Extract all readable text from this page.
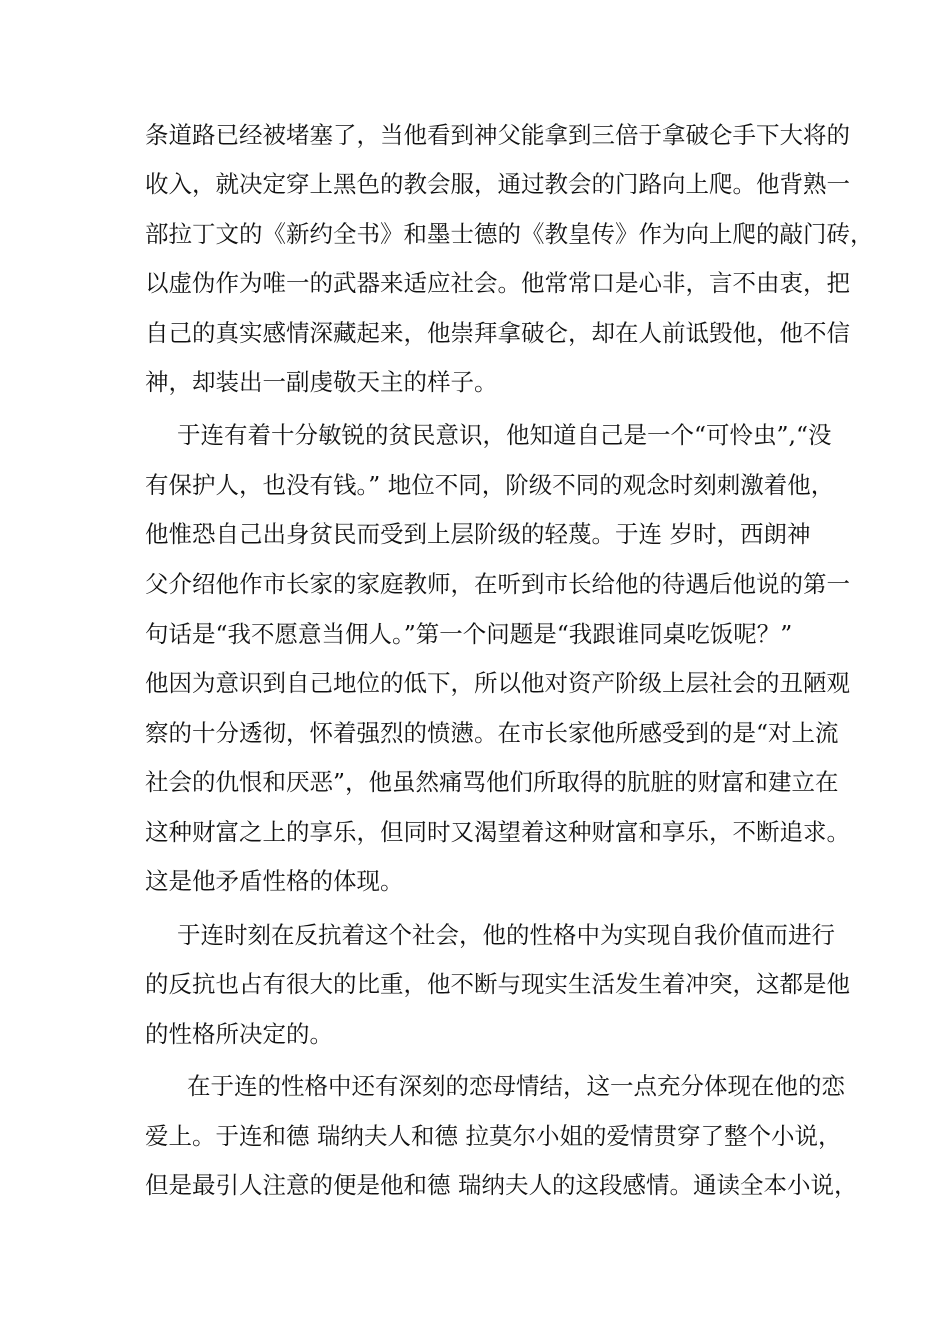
条道路已经被堵塞了，当他看到神父能拿到三倍于拿破仑手下大将的
收入，就决定穿上黑色的教会服，通过教会的门路向上爬。他背熟一
部拉丁文的《新约全书》和墨士德的《教皇传》作为向上爬的敲门砖，
以虚伪作为唯一的武器来适应社会。他常常口是心非，言不由衷，把
自己的真实感情深藏起来，他崇拜拿破仑，却在人前诋毁他，他不信
神，却装出一副虔敬天主的样子。
于连有着十分敏锐的贫民意识，他知道自己是一个“可怜虫”,“没
有保护人，也没有钱。” 地位不同，阶级不同的观念时刻刺激着他，
他惟恐自己出身贫民而受到上层阶级的轻蔑。于连 岁时，西朗神
父介绍他作市长家的家庭教师，在听到市长给他的待遇后他说的第一
句话是“我不愿意当佣人。”第一个问题是“我跟谁同桌吃饭呢？”
他因为意识到自己地位的低下，所以他对资产阶级上层社会的丑陋观
察的十分透彻，怀着强烈的愤懑。在市长家他所感受到的是“对上流
社会的仇恨和厌恶”，他虽然痛骂他们所取得的肮脏的财富和建立在
这种财富之上的享乐，但同时又渴望着这种财富和享乐，不断追求。
这是他矛盾性格的体现。
于连时刻在反抗着这个社会，他的性格中为实现自我价值而进行
的反抗也占有很大的比重，他不断与现实生活发生着冲突，这都是他
的性格所决定的。
在于连的性格中还有深刻的恋母情结，这一点充分体现在他的恋
爱上。于连和德 瑞纳夫人和德 拉莫尔小姐的爱情贯穿了整个小说，
但是最引人注意的便是他和德 瑞纳夫人的这段感情。通读全本小说，
